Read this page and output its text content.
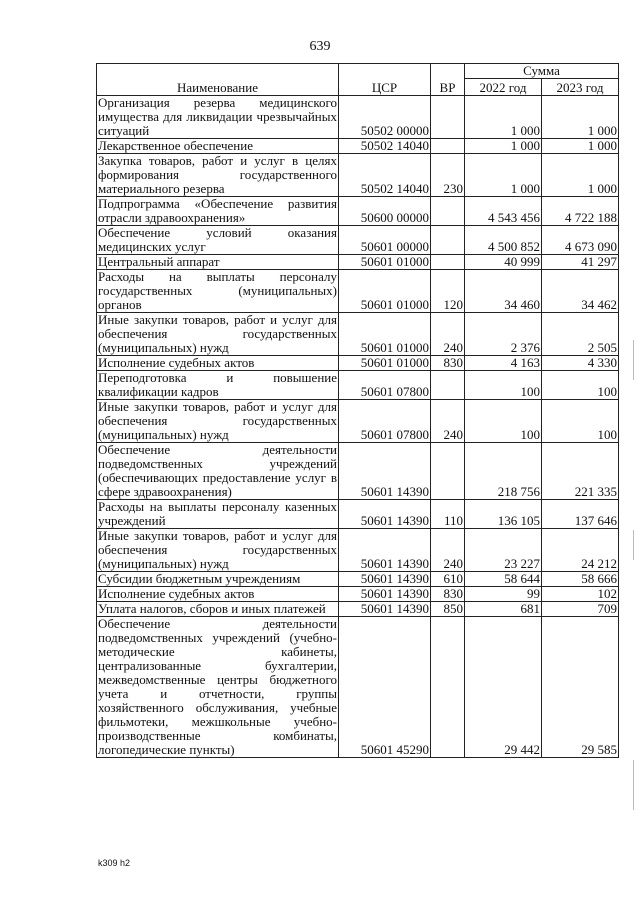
639
Наименование	ЦСР	ВР	Сумма	
			2022 год	2023 год
Организация резерва медицинского имущества для ликвидации чрезвычайных ситуаций	50502 00000		1 000	1 000
Лекарственное обеспечение	50502 14040		1 000	1 000
Закупка товаров, работ и услуг в целях формирования государственного материального резерва	50502 14040	230	1 000	1 000
Подпрограмма «Обеспечение развития отрасли здравоохранения»	50600 00000		4 543 456	4 722 188
Обеспечение условий оказания медицинских услуг	50601 00000		4 500 852	4 673 090
Центральный аппарат	50601 01000		40 999	41 297
Расходы на выплаты персоналу государственных (муниципальных) органов	50601 01000	120	34 460	34 462
Иные закупки товаров, работ и услуг для обеспечения государственных (муниципальных) нужд	50601 01000	240	2 376	2 505
Исполнение судебных актов	50601 01000	830	4 163	4 330
Переподготовка и повышение квалификации кадров	50601 07800		100	100
Иные закупки товаров, работ и услуг для обеспечения государственных (муниципальных) нужд	50601 07800	240	100	100
Обеспечение деятельности подведомственных учреждений (обеспечивающих предоставление услуг в сфере здравоохранения)	50601 14390		218 756	221 335
Расходы на выплаты персоналу казенных учреждений	50601 14390	110	136 105	137 646
Иные закупки товаров, работ и услуг для обеспечения государственных (муниципальных) нужд	50601 14390	240	23 227	24 212
Субсидии бюджетным учреждениям	50601 14390	610	58 644	58 666
Исполнение судебных актов	50601 14390	830	99	102
Уплата налогов, сборов и иных платежей	50601 14390	850	681	709
Обеспечение деятельности подведомственных учреждений (учебно-методические кабинеты, централизованные бухгалтерии, межведомственные центры бюджетного учета и отчетности, группы хозяйственного обслуживания, учебные фильмотеки, межшкольные учебно-производственные комбинаты, логопедические пункты)	50601 45290		29 442	29 585
k309 h2
